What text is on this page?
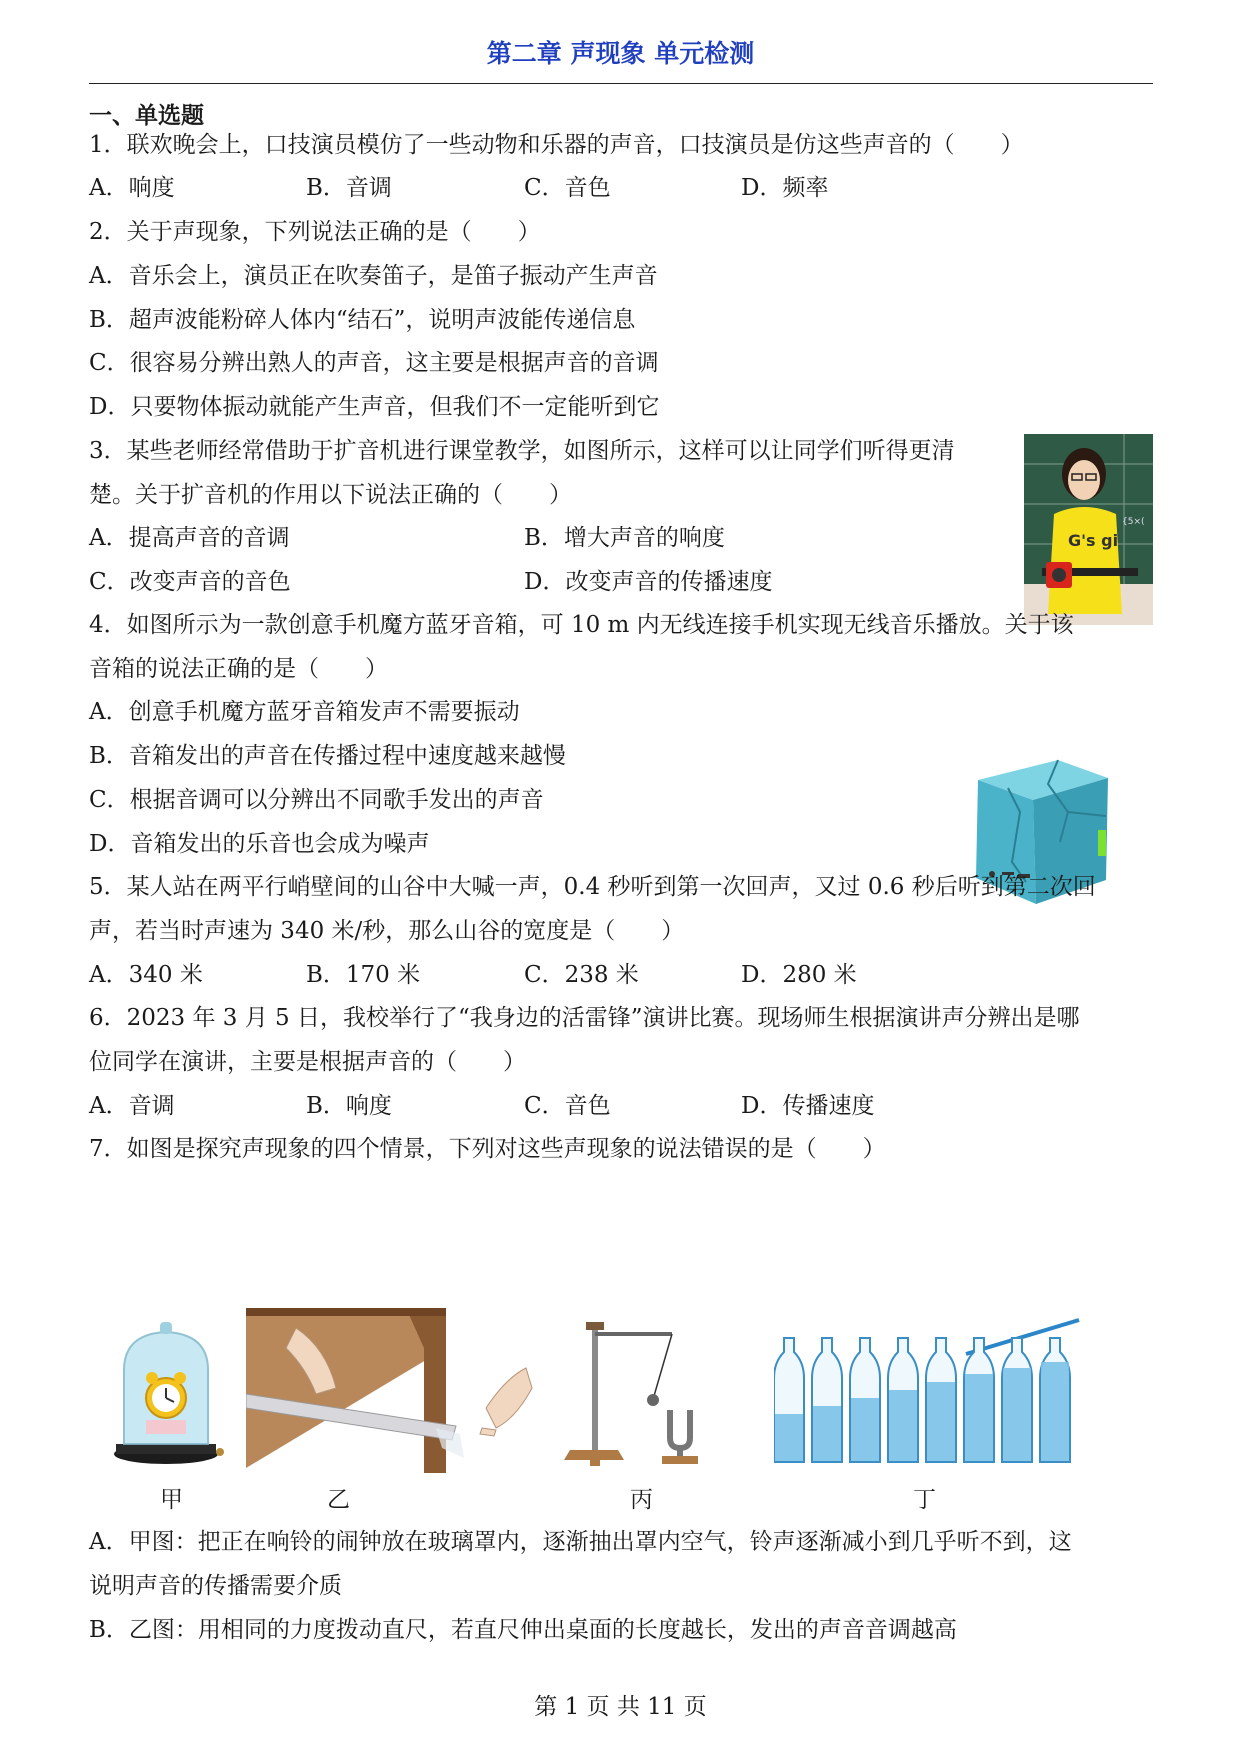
第二章 声现象 单元检测
一、单选题
1．联欢晚会上，口技演员模仿了一些动物和乐器的声音，口技演员是仿这些声音的（　　）
A．响度	B．音调	C．音色	D．频率
2．关于声现象，下列说法正确的是（　　）
A．音乐会上，演员正在吹奏笛子，是笛子振动产生声音
B．超声波能粉碎人体内“结石”，说明声波能传递信息
C．很容易分辨出熟人的声音，这主要是根据声音的音调
D．只要物体振动就能产生声音，但我们不一定能听到它
3．某些老师经常借助于扩音机进行课堂教学，如图所示，这样可以让同学们听得更清
楚。关于扩音机的作用以下说法正确的（　　）
A．提高声音的音调	B．增大声音的响度
C．改变声音的音色	D．改变声音的传播速度
{5×(
G's gi
4．如图所示为一款创意手机魔方蓝牙音箱，可 10 m 内无线连接手机实现无线音乐播放。关于该
音箱的说法正确的是（　　）
A．创意手机魔方蓝牙音箱发声不需要振动
B．音箱发出的声音在传播过程中速度越来越慢
C．根据音调可以分辨出不同歌手发出的声音
D．音箱发出的乐音也会成为噪声
5．某人站在两平行峭壁间的山谷中大喊一声，0.4 秒听到第一次回声，又过 0.6 秒后听到第二次回
声，若当时声速为 340 米/秒，那么山谷的宽度是（　　）
A．340 米	B．170 米	C．238 米	D．280 米
6．2023 年 3 月 5 日，我校举行了“我身边的活雷锋”演讲比赛。现场师生根据演讲声分辨出是哪
位同学在演讲，主要是根据声音的（　　）
A．音调	B．响度	C．音色	D．传播速度
7．如图是探究声现象的四个情景，下列对这些声现象的说法错误的是（　　）
甲	乙	丙	丁
A．甲图：把正在响铃的闹钟放在玻璃罩内，逐渐抽出罩内空气，铃声逐渐减小到几乎听不到，这
说明声音的传播需要介质
B．乙图：用相同的力度拨动直尺，若直尺伸出桌面的长度越长，发出的声音音调越高
第 1 页 共 11 页
